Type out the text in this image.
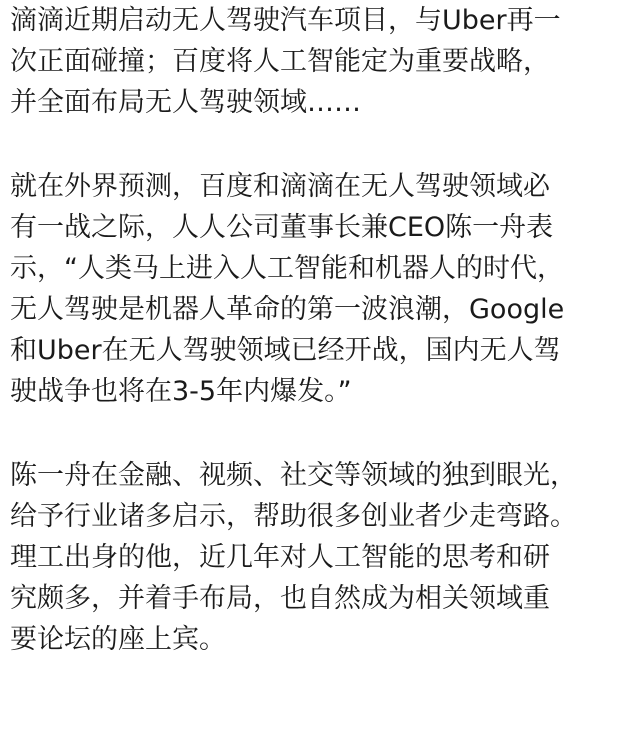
滴滴近期启动无人驾驶汽车项目，与Uber再一
次正面碰撞；百度将人工智能定为重要战略，
并全面布局无人驾驶领域……
就在外界预测，百度和滴滴在无人驾驶领域必
有一战之际，人人公司董事长兼CEO陈一舟表
示，“人类马上进入人工智能和机器人的时代，
无人驾驶是机器人革命的第一波浪潮，Google
和Uber在无人驾驶领域已经开战，国内无人驾
驶战争也将在3-5年内爆发。”
陈一舟在金融、视频、社交等领域的独到眼光，
给予行业诸多启示，帮助很多创业者少走弯路。
理工出身的他，近几年对人工智能的思考和研
究颇多，并着手布局，也自然成为相关领域重
要论坛的座上宾。
